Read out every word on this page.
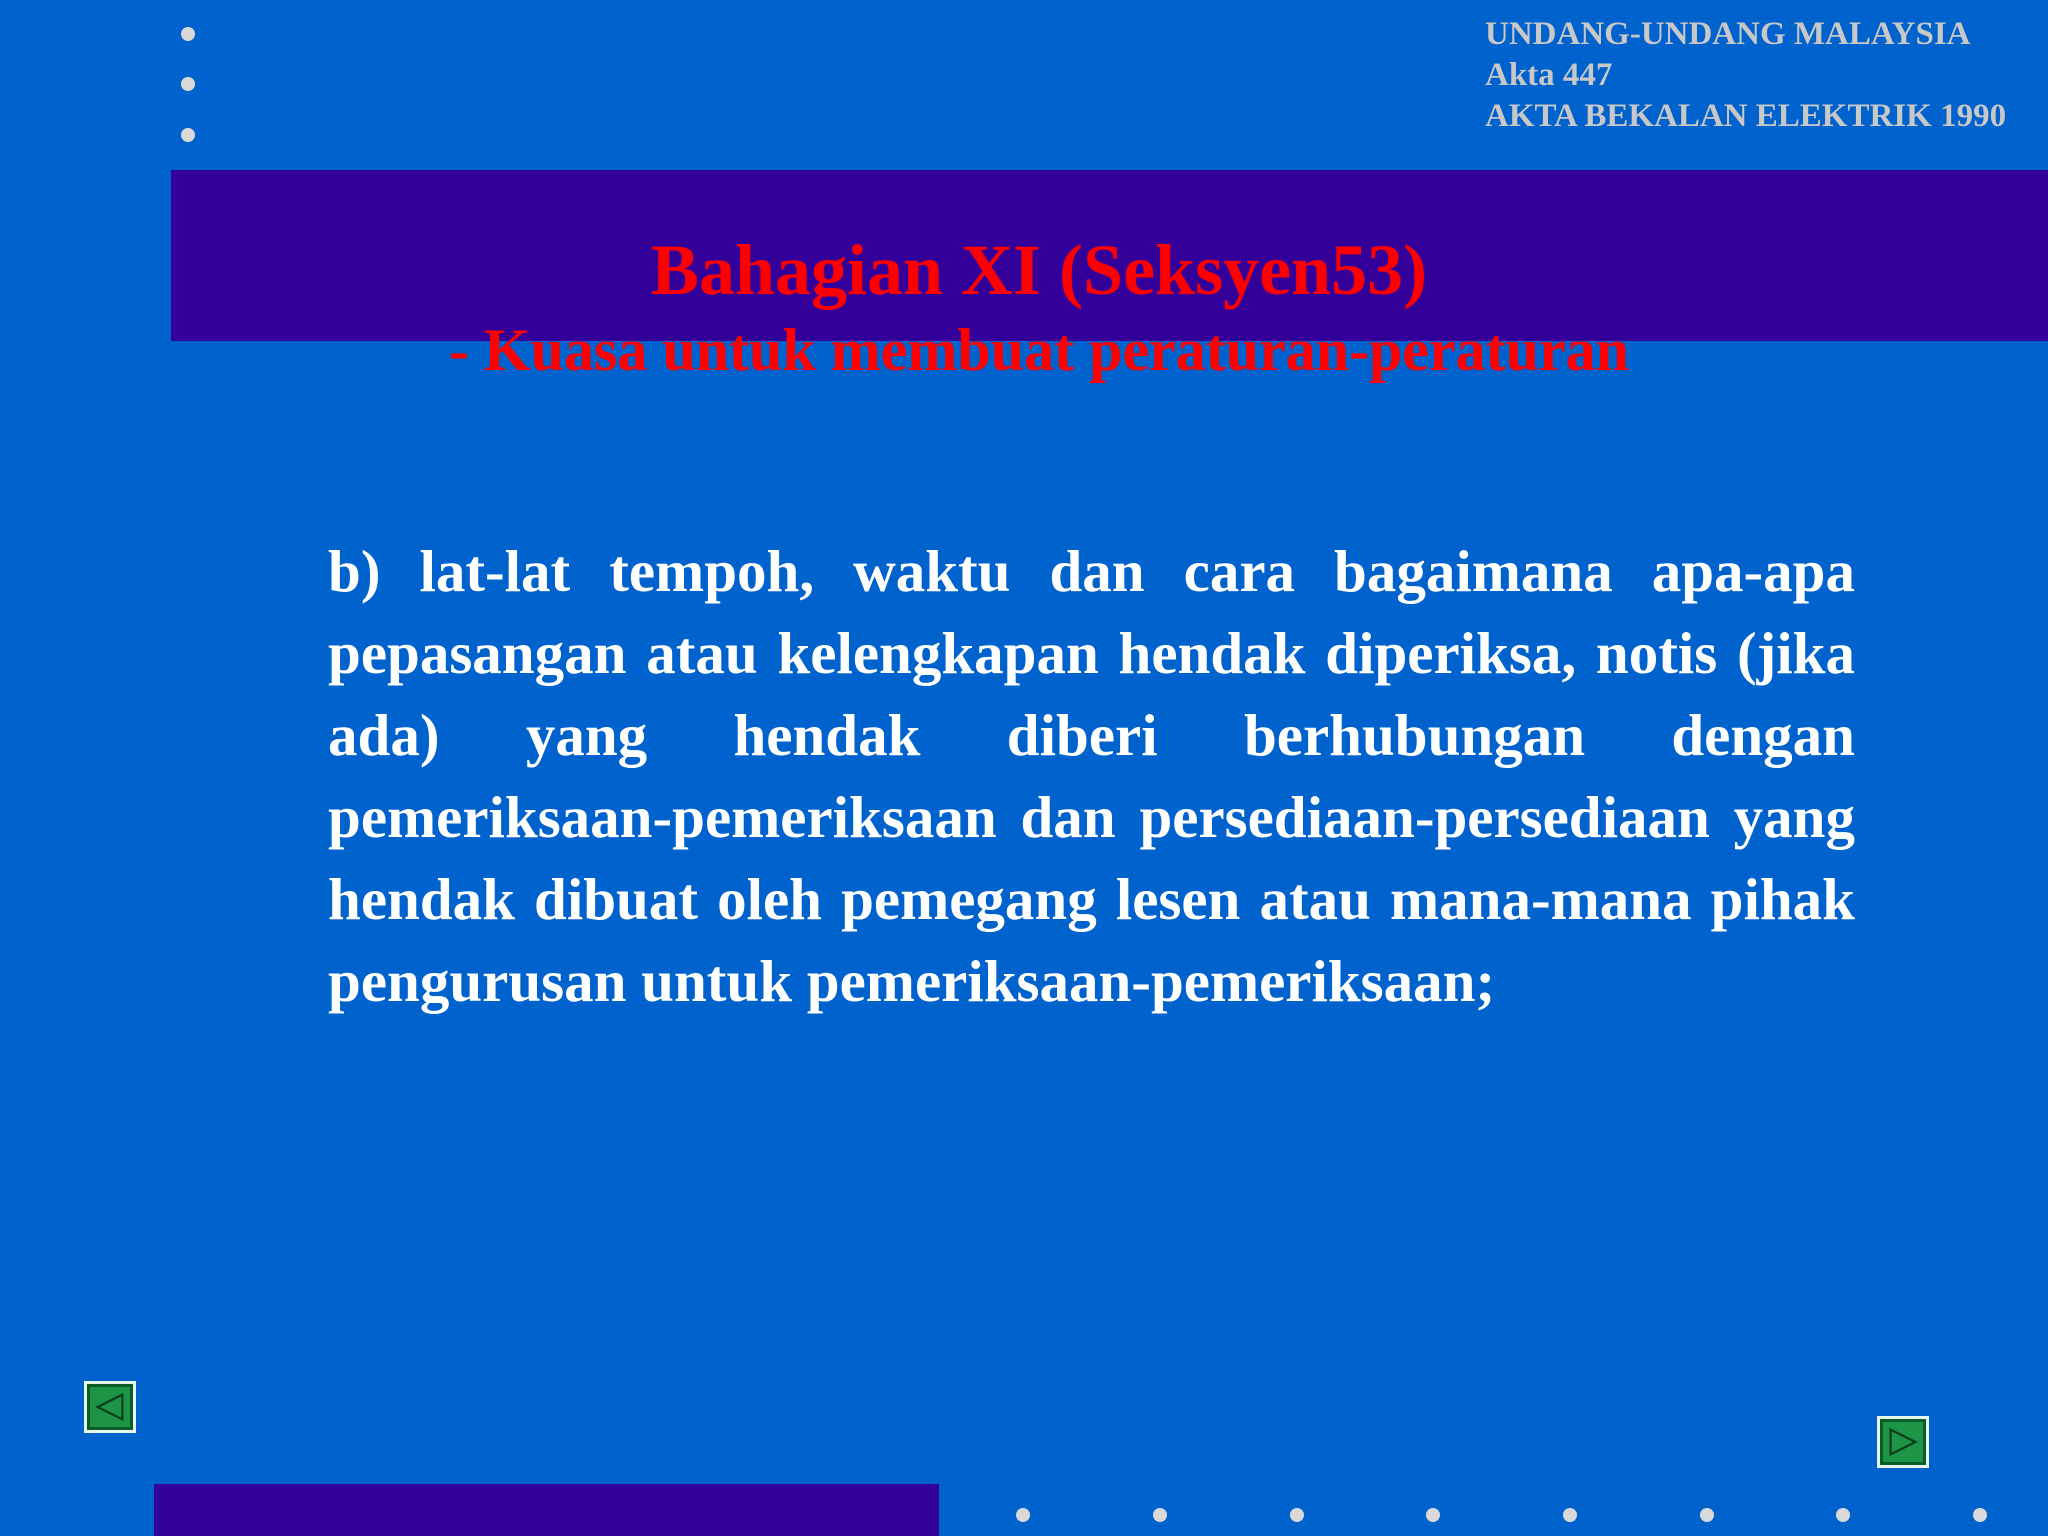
UNDANG-UNDANG MALAYSIA
Akta 447
AKTA BEKALAN ELEKTRIK 1990
Bahagian XI (Seksyen53)
- Kuasa untuk membuat peraturan-peraturan
b) lat-lat tempoh, waktu dan cara bagaimana apa-apa pepasangan atau kelengkapan hendak diperiksa, notis (jika ada) yang hendak diberi berhubungan dengan pemeriksaan-pemeriksaan dan persediaan-persediaan yang hendak dibuat oleh pemegang lesen atau mana-mana pihak pengurusan untuk pemeriksaan-pemeriksaan;
